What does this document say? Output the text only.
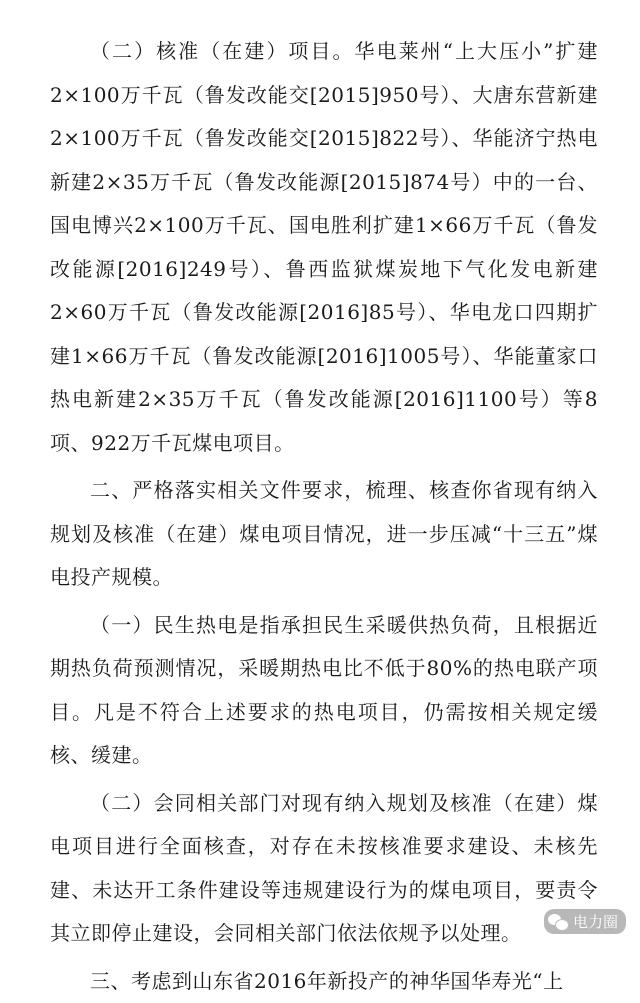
（二）核准（在建）项目。华电莱州“上大压小”扩建2×100万千瓦（鲁发改能交[2015]950号）、大唐东营新建2×100万千瓦（鲁发改能交[2015]822号）、华能济宁热电新建2×35万千瓦（鲁发改能源[2015]874号）中的一台、国电博兴2×100万千瓦、国电胜利扩建1×66万千瓦（鲁发改能源[2016]249号）、鲁西监狱煤炭地下气化发电新建2×60万千瓦（鲁发改能源[2016]85号）、华电龙口四期扩建1×66万千瓦（鲁发改能源[2016]1005号）、华能董家口热电新建2×35万千瓦（鲁发改能源[2016]1100号）等8项、922万千瓦煤电项目。

二、严格落实相关文件要求，梳理、核查你省现有纳入规划及核准（在建）煤电项目情况，进一步压减“十三五”煤电投产规模。

（一）民生热电是指承担民生采暖供热负荷，且根据近期热负荷预测情况，采暖期热电比不低于80%的热电联产项目。凡是不符合上述要求的热电项目，仍需按相关规定缓核、缓建。

（二）会同相关部门对现有纳入规划及核准（在建）煤电项目进行全面核查，对存在未按核准要求建设、未核先建、未达开工条件建设等违规建设行为的煤电项目，要责令其立即停止建设，会同相关部门依法依规予以处理。

三、考虑到山东省2016年新投产的神华国华寿光“上

电力圈
